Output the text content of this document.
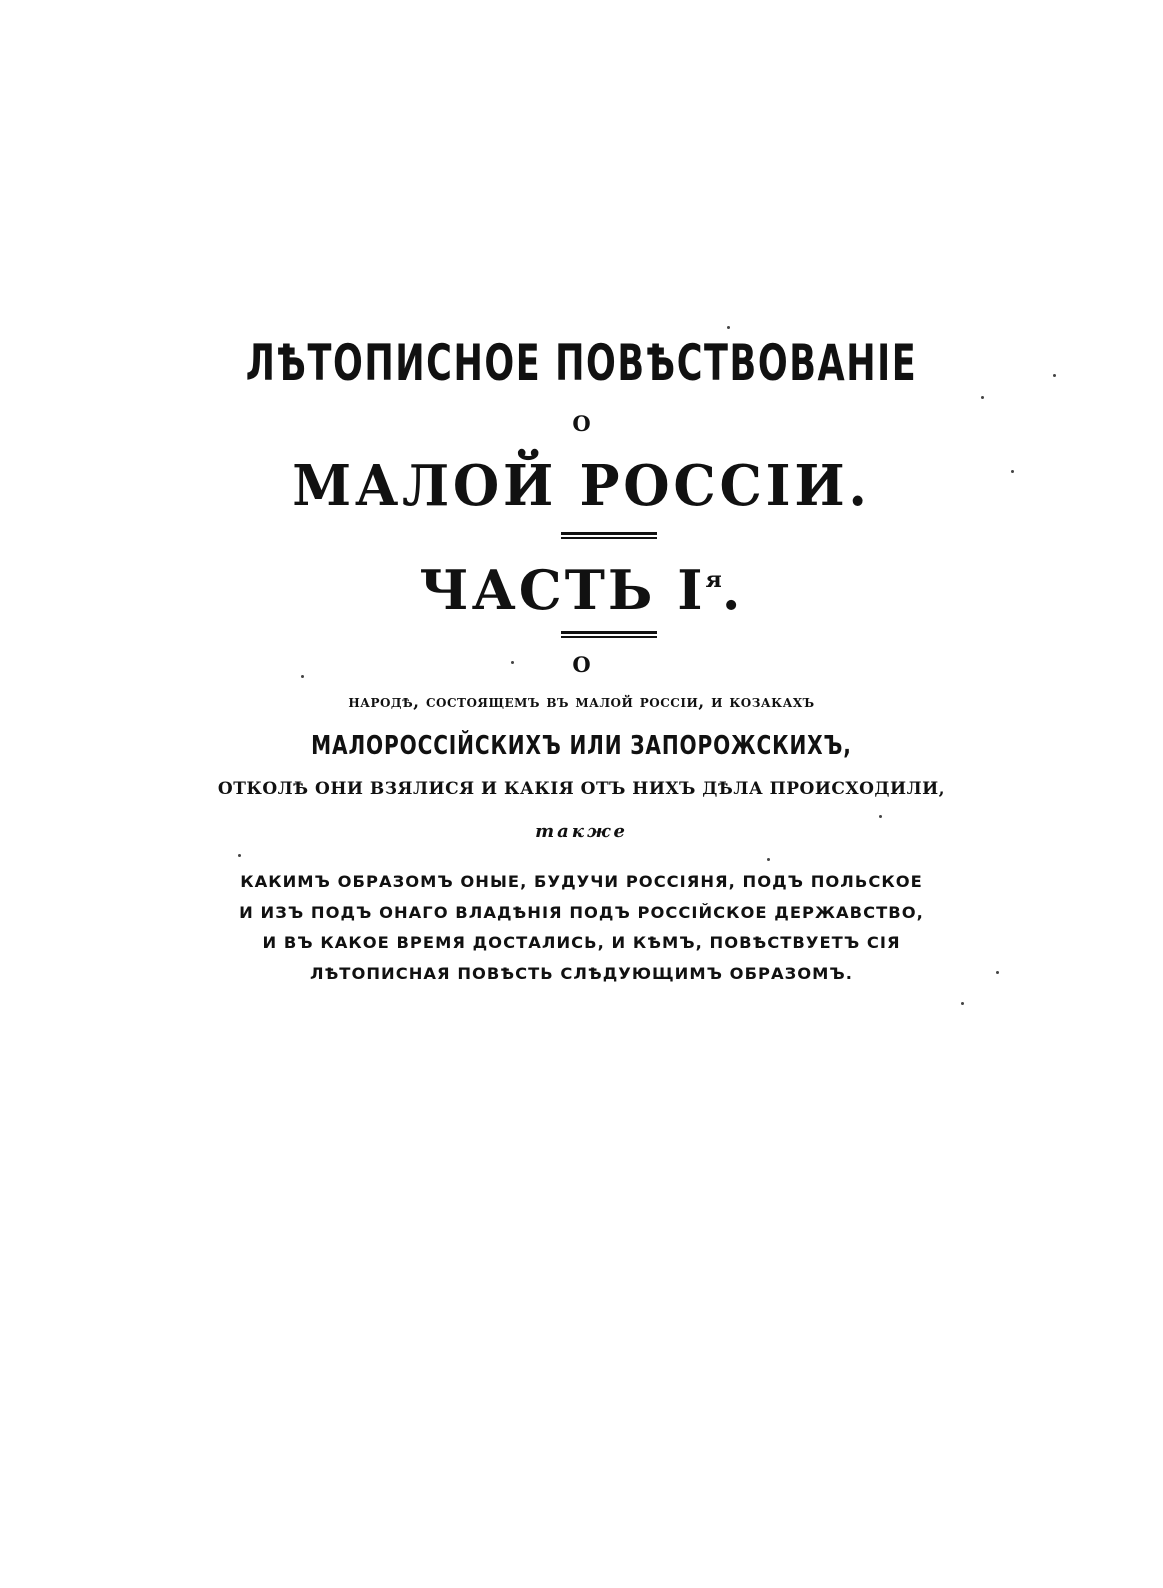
ЛѢТОПИСНОЕ ПОВѢСТВОВАНІЕ
О
МАЛОЙ РОССІИ.
ЧАСТЬ $I^я$.
О
народѣ, состоящемъ въ малой россіи, и козакахъ
МАЛОРОССІЙСКИХЪ ИЛИ ЗАПОРОЖСКИХЪ,
ОТКОЛѢ ОНИ ВЗЯЛИСЯ И КАКІЯ ОТЪ НИХЪ ДѢЛА ПРОИСХОДИЛИ,
также
КАКИМЪ ОБРАЗОМЪ ОНЫЕ, БУДУЧИ РОССІЯНЯ, ПОДЪ ПОЛЬСКОЕ
И ИЗЪ ПОДЪ ОНАГО ВЛАДѢНІЯ ПОДЪ РОССІЙСКОЕ ДЕРЖАВСТВО,
И ВЪ КАКОЕ ВРЕМЯ ДОСТАЛИСЬ, И КѢМЪ, ПОВѢСТВУЕТЪ СІЯ
ЛѢТОПИСНАЯ ПОВѢСТЬ СЛѢДУЮЩИМЪ ОБРАЗОМЪ.
